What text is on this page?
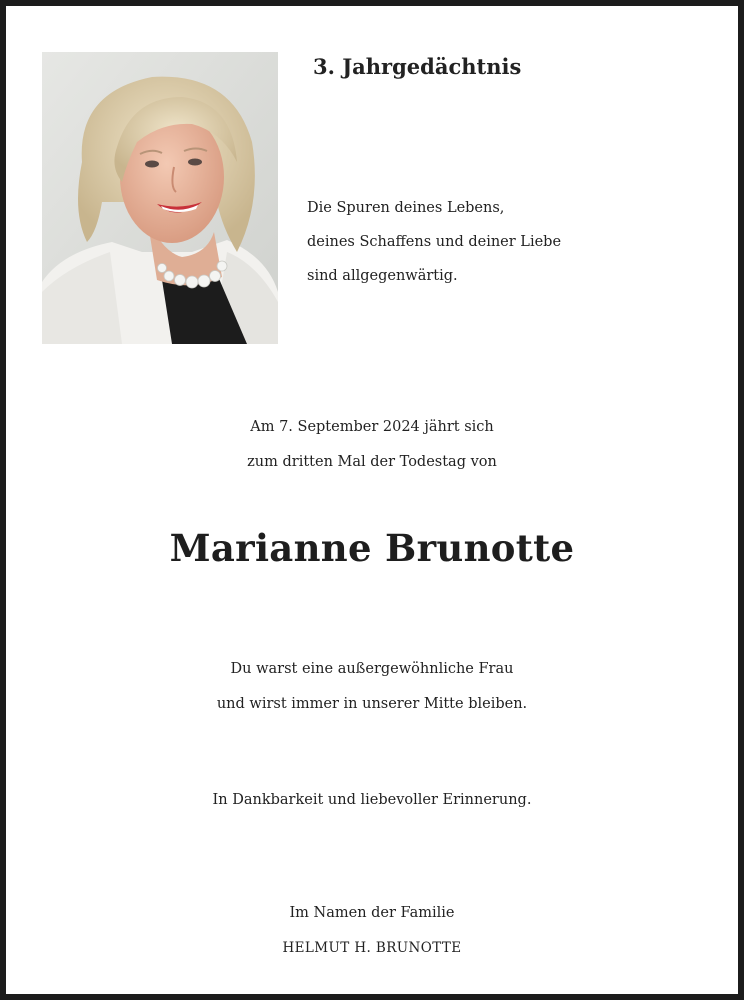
3. Jahrgedächtnis

Die Spuren deines Lebens,
deines Schaffens und deiner Liebe
sind allgegenwärtig.

Am 7. September 2024 jährt sich
zum dritten Mal der Todestag von
Marianne Brunotte
Du warst eine außergewöhnliche Frau
und wirst immer in unserer Mitte bleiben.
In Dankbarkeit und liebevoller Erinnerung.
Im Namen der Familie
HELMUT H. BRUNOTTE
